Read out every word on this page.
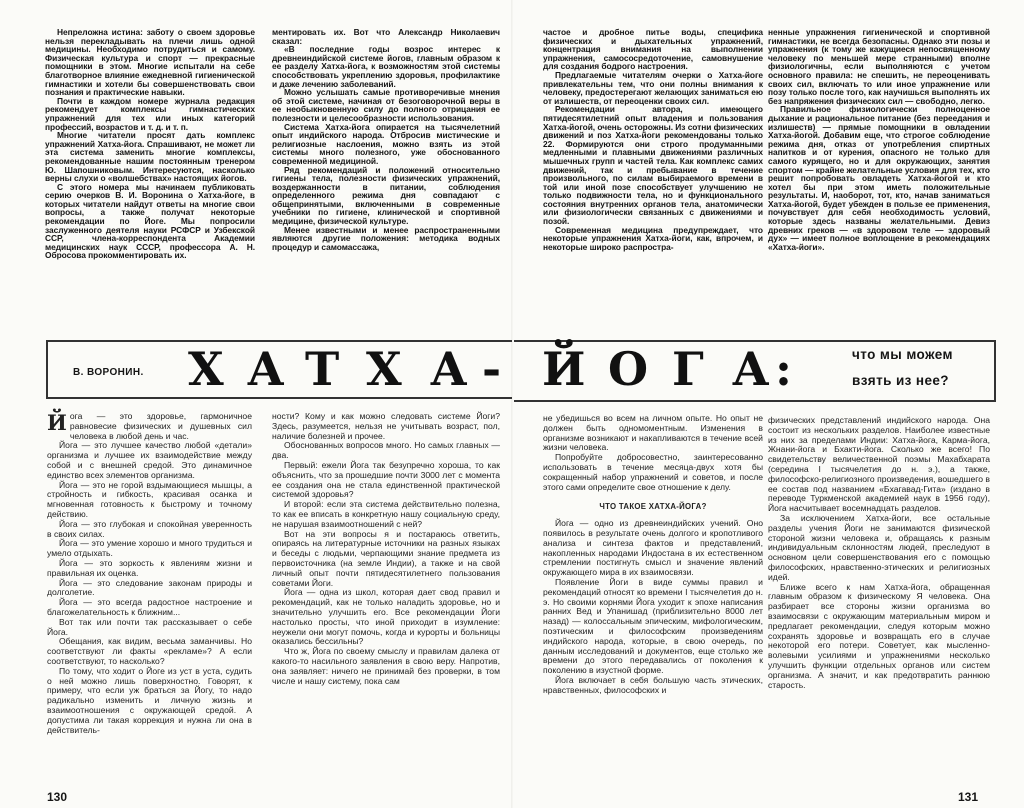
Непреложна истина: заботу о своем здоровье нельзя перекладывать на плечи лишь одной медицины. Необходимо потрудиться и самому. Физическая культура и спорт — прекрасные помощники в этом. Многие испытали на себе благотворное влияние ежедневной гигиенической гимнастики и хотели бы совершенствовать свои познания и практические навыки.

Почти в каждом номере журнала редакция рекомендует комплексы гимнастических упражнений для тех или иных категорий профессий, возрастов и т. д. и т. п.

Многие читатели просят дать комплекс упражнений Хатха-йога. Спрашивают, не может ли эта система заменить многие комплексы, рекомендованные нашим постоянным тренером Ю. Шапошниковым. Интересуются, насколько верны слухи о «волшебствах» настоящих йогов.

С этого номера мы начинаем публиковать серию очерков В. И. Воронина о Хатха-йоге, в которых читатели найдут ответы на многие свои вопросы, а также получат некоторые рекомендации по Йоге. Мы попросили заслуженного деятеля науки РСФСР и Узбекской ССР, члена-корреспондента Академии медицинских наук СССР, профессора А. Н. Обросова прокомментировать их.

ментировать их. Вот что Александр Николаевич сказал:

«В последние годы возрос интерес к древнеиндийской системе йогов, главным образом к ее разделу Хатха-йога, к возможностям этой системы способствовать укреплению здоровья, профилактике и даже лечению заболеваний.

Можно услышать самые противоречивые мнения об этой системе, начиная от безоговорочной веры в ее необыкновенную силу до полного отрицания ее полезности и целесообразности использования.

Система Хатха-йога опирается на тысячелетний опыт индийского народа. Отбросив мистические и религиозные наслоения, можно взять из этой системы много полезного, уже обоснованного современной медициной.

Ряд рекомендаций и положений относительно гигиены тела, полезности физических упражнений, воздержанности в питании, соблюдения определенного режима дня совпадают с общепринятыми, включенными в современные учебники по гигиене, клинической и спортивной медицине, физической культуре.

Менее известными и менее распространенными являются другие положения: методика водных процедур и самомассажа,

частое и дробное питье воды, специфика физических и дыхательных упражнений, концентрация внимания на выполнении упражнения, самососредоточение, самовнушение для создания бодрого настроения.

Предлагаемые читателям очерки о Хатха-йоге привлекательны тем, что они полны внимания к человеку, предостерегают желающих заниматься ею от излишеств, от переоценки своих сил.

Рекомендации автора, имеющего пятидесятилетний опыт владения и пользования Хатха-йогой, очень осторожны. Из сотни физических движений и поз Хатха-йоги рекомендованы только 22. Формируются они строго продуманными медленными и плавными движениями различных мышечных групп и частей тела. Как комплекс самих движений, так и пребывание в течение произвольного, по силам выбираемого времени в той или иной позе способствует улучшению не только подвижности тела, но и функционального состояния внутренних органов тела, анатомически или физиологически связанных с движениями и позой.

Современная медицина предупреждает, что некоторые упражнения Хатха-йоги, как, впрочем, и некоторые широко распростра-

ненные упражнения гигиенической и спортивной гимнастики, не всегда безопасны. Однако эти позы и упражнения (к тому же кажущиеся непосвященному человеку по меньшей мере странными) вполне физиологичны, если выполняются с учетом основного правила: не спешить, не переоценивать своих сил, включать то или иное упражнение или позу только после того, как научишься выполнять их без напряжения физических сил — свободно, легко.

Правильное физиологически полноценное дыхание и рациональное питание (без переедания и излишеств) — прямые помощники в овладении Хатха-йогой. Добавим еще, что строгое соблюдение режима дня, отказ от употребления спиртных напитков и от курения, опасного не только для самого курящего, но и для окружающих, занятия спортом — крайне желательные условия для тех, кто решит попробовать овладеть Хатха-йогой и кто хотел бы при этом иметь положительные результаты. И, наоборот, тот, кто, начав заниматься Хатха-йогой, будет убежден в пользе ее применения, почувствует для себя необходимость условий, которые здесь названы желательными. Девиз древних греков — «в здоровом теле — здоровый дух» — имеет полное воплощение в рекомендациях «Хатха-йоги».

В. ВОРОНИН. Х А Т Х А - Й О Г А :	что мы можем
взять из нее?
Й ога — это здоровье, гармоничное равновесие физических и душевных сил человека в любой день и час.

Йога — это лучшее качество любой «детали» организма и лучшее их взаимодействие между собой и с внешней средой. Это динамичное единство всех элементов организма.

Йога — это не горой вздымающиеся мышцы, а стройность и гибкость, красивая осанка и мгновенная готовность к быстрому и точному действию.

Йога — это глубокая и спокойная уверенность в своих силах.

Йога — это умение хорошо и много трудиться и умело отдыхать.

Йога — это зоркость к явлениям жизни и правильная их оценка.

Йога — это следование законам природы и долголетие.

Йога — это всегда радостное настроение и благожелательность к ближним...

Вот так или почти так рассказывает о себе Йога.

Обещания, как видим, весьма заманчивы. Но соответствуют ли факты «рекламе»? А если соответствуют, то насколько?

По тому, что ходит о Йоге из уст в уста, судить о ней можно лишь поверхностно. Говорят, к примеру, что если уж браться за Йогу, то надо радикально изменить и личную жизнь и взаимоотношения с окружающей средой. А допустима ли такая коррекция и нужна ли она в действитель-

ности? Кому и как можно следовать системе Йоги? Здесь, разумеется, нельзя не учитывать возраст, пол, наличие болезней и прочее.

Обоснованных вопросов много. Но самых главных — два.

Первый: ежели Йога так безупречно хороша, то как объяснить, что за прошедшие почти 3000 лет с момента ее создания она не стала единственной практической системой здоровья?

И второй: если эта система действительно полезна, то как ее вписать в конкретную нашу социальную среду, не нарушая взаимоотношений с ней?

Вот на эти вопросы я и постараюсь ответить, опираясь на литературные источники на разных языках и беседы с людьми, черпающими знание предмета из первоисточника (на земле Индии), а также и на свой личный опыт почти пятидесятилетнего пользования советами Йоги.

Йога — одна из школ, которая дает свод правил и рекомендаций, как не только наладить здоровье, но и значительно улучшить его. Все рекомендации Йоги настолько просты, что иной приходит в изумление: неужели они могут помочь, когда и курорты и больницы оказались бессильны?

Что ж, Йога по своему смыслу и правилам далека от какого-то насильного заявления в свою веру. Напротив, она заявляет: ничего не принимай без проверки, в том числе и нашу систему, пока сам

не убедишься во всем на личном опыте. Но опыт не должен быть одномоментным. Изменения в организме возникают и накапливаются в течение всей жизни человека.

Попробуйте добросовестно, заинтересованно использовать в течение месяца-двух хотя бы сокращенный набор упражнений и советов, и после этого сами определите свое отношение к делу.

ЧТО ТАКОЕ ХАТХА-ЙОГА?

Йога — одно из древнеиндийских учений. Оно появилось в результате очень долгого и кропотливого анализа и синтеза фактов и представлений, накопленных народами Индостана в их естественном стремлении постигнуть смысл и значение явлений окружающего мира в их взаимосвязи.

Появление Йоги в виде суммы правил и рекомендаций относят ко времени I тысячелетия до н. э. Но своими корнями Йога уходит к эпохе написания ранних Вед и Упанишад (приблизительно 8000 лет назад) — колоссальным эпическим, мифологическим, поэтическим и философским произведениям индийского народа, которые, в свою очередь, по данным исследований и документов, еще столько же времени до этого передавались от поколения к поколению в изустной форме.

Йога включает в себя большую часть этических, нравственных, философских и

физических представлений индийского народа. Она состоит из нескольких разделов. Наиболее известные из них за пределами Индии: Хатха-йога, Карма-йога, Жнани-йога и Бхакти-йога. Сколько же всего! По свидетельству величественной поэмы Махабхарата (середина I тысячелетия до н. э.), а также, философско-религиозного произведения, вошедшего в ее состав под названием «Бхагавад-Гита» (издано в переводе Туркменской академией наук в 1956 году), Йога насчитывает восемнадцать разделов.

За исключением Хатха-йоги, все остальные разделы учения Йоги не занимаются физической стороной жизни человека и, обращаясь к разным индивидуальным склонностям людей, преследуют в основном цели совершенствования его с помощью философских, нравственно-этических и религиозных идей.

Ближе всего к нам Хатха-йога, обращенная главным образом к физическому Я человека. Она разбирает все стороны жизни организма во взаимосвязи с окружающим материальным миром и предлагает рекомендации, следуя которым можно сохранять здоровье и возвращать его в случае некоторой его потери. Советует, как мысленно-волевыми усилиями и упражнениями несколько улучшить функции отдельных органов или систем организма. А значит, и как предотвратить раннюю старость.

130	131
